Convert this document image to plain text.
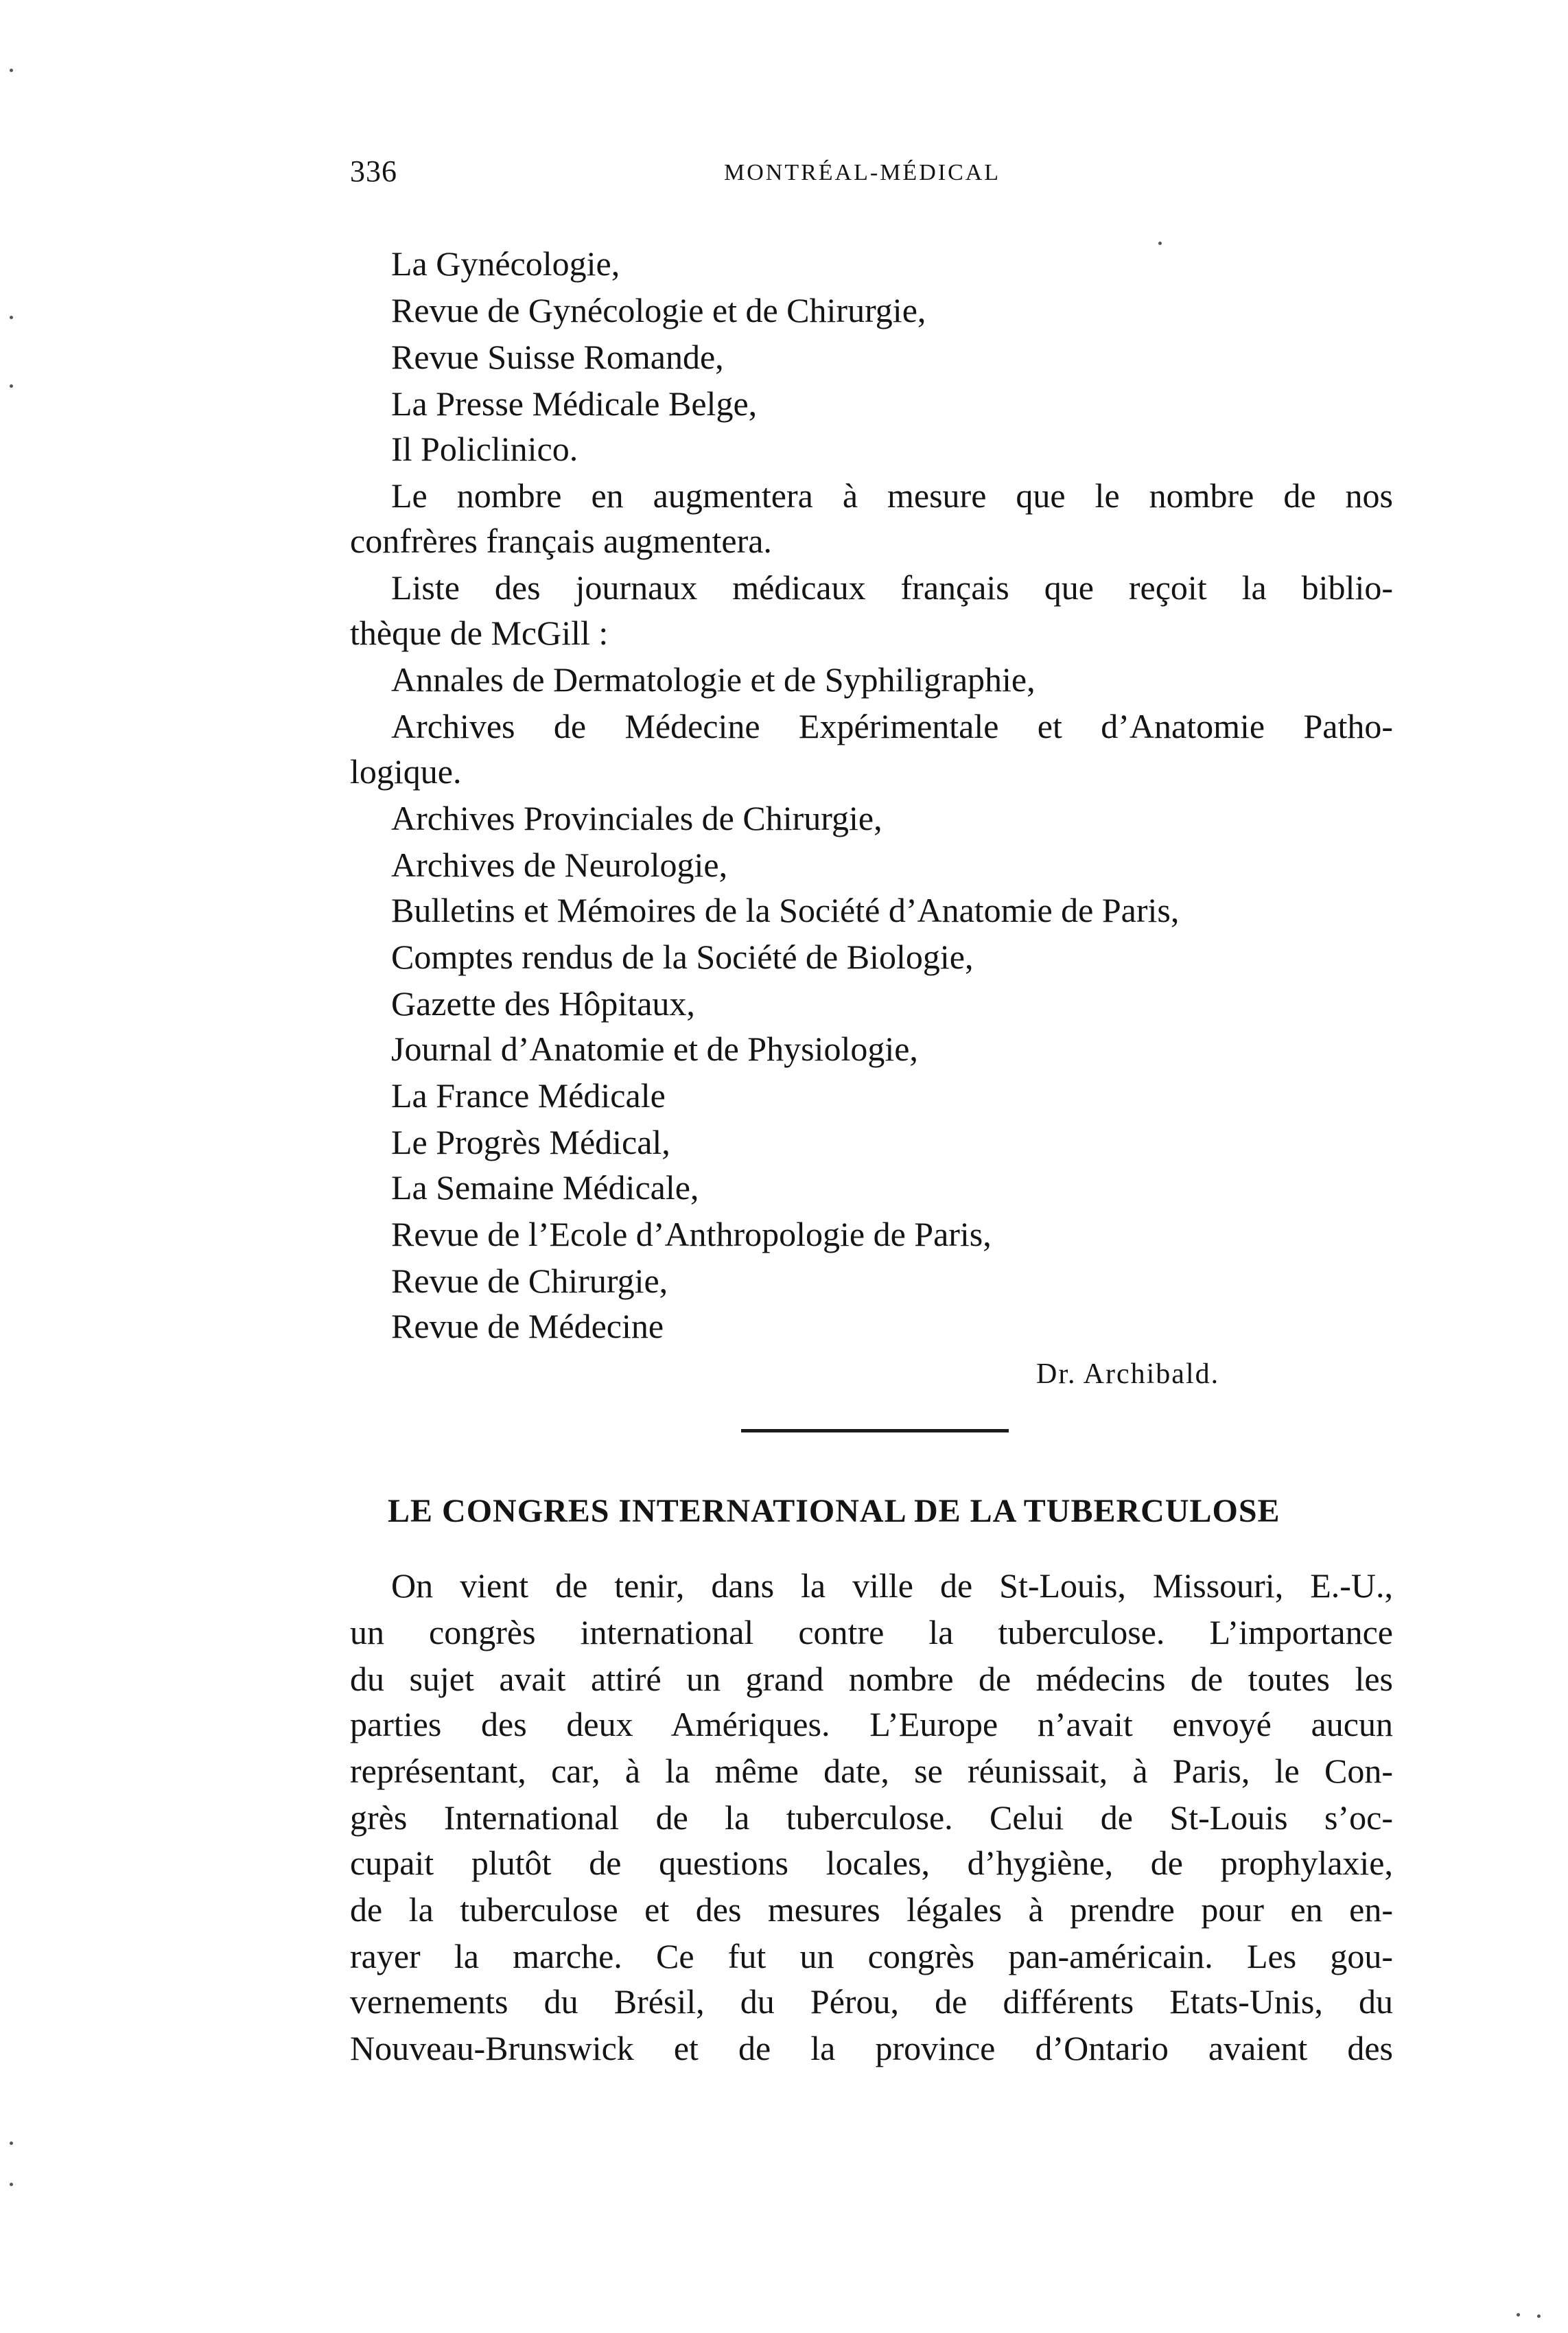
336	MONTRÉAL-MÉDICAL
La Gynécologie,
Revue de Gynécologie et de Chirurgie,
Revue Suisse Romande,
La Presse Médicale Belge,
Il Policlinico.
Le nombre en augmentera à mesure que le nombre de nos
confrères français augmentera.
Liste des journaux médicaux français que reçoit la biblio-
thèque de McGill :
Annales de Dermatologie et de Syphiligraphie,
Archives de Médecine Expérimentale et d’Anatomie Patho-
logique.
Archives Provinciales de Chirurgie,
Archives de Neurologie,
Bulletins et Mémoires de la Société d’Anatomie de Paris,
Comptes rendus de la Société de Biologie,
Gazette des Hôpitaux,
Journal d’Anatomie et de Physiologie,
La France Médicale
Le Progrès Médical,
La Semaine Médicale,
Revue de l’Ecole d’Anthropologie de Paris,
Revue de Chirurgie,
Revue de Médecine
Dr. Archibald.
LE CONGRES INTERNATIONAL DE LA TUBERCULOSE
On vient de tenir, dans la ville de St-Louis, Missouri, E.-U.,
un congrès international contre la tuberculose. L’importance
du sujet avait attiré un grand nombre de médecins de toutes les
parties des deux Amériques. L’Europe n’avait envoyé aucun
représentant, car, à la même date, se réunissait, à Paris, le Con-
grès International de la tuberculose. Celui de St-Louis s’oc-
cupait plutôt de questions locales, d’hygiène, de prophylaxie,
de la tuberculose et des mesures légales à prendre pour en en-
rayer la marche. Ce fut un congrès pan-américain. Les gou-
vernements du Brésil, du Pérou, de différents Etats-Unis, du
Nouveau-Brunswick et de la province d’Ontario avaient des
